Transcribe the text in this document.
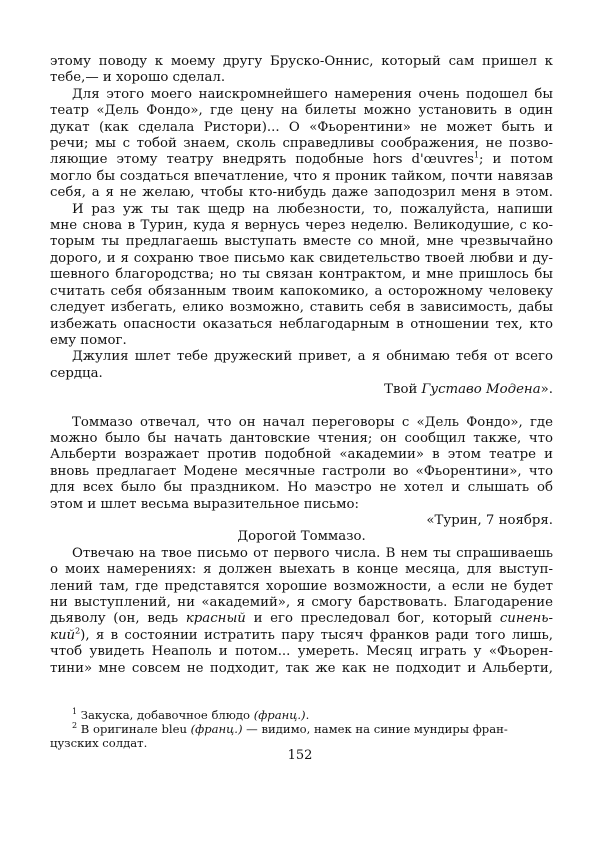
этому поводу к моему другу Бруско-Оннис, который сам пришел к
тебе,— и хорошо сделал.
Для этого моего наискромнейшего намерения очень подошел бы
театр «Дель Фондо», где цену на билеты можно установить в один
дукат (как сделала Ристори)... О «Фьорентини» не может быть и
речи; мы с тобой знаем, сколь справедливы соображения, не позво-
ляющие этому театру внедрять подобные hors d'œuvres$^1$; и потом
могло бы создаться впечатление, что я проник тайком, почти навязав
себя, а я не желаю, чтобы кто-нибудь даже заподозрил меня в этом.
И раз уж ты так щедр на любезности, то, пожалуйста, напиши
мне снова в Турин, куда я вернусь через неделю. Великодушие, с ко-
торым ты предлагаешь выступать вместе со мной, мне чрезвычайно
дорого, и я сохраню твое письмо как свидетельство твоей любви и ду-
шевного благородства; но ты связан контрактом, и мне пришлось бы
считать себя обязанным твоим капокомико, а осторожному человеку
следует избегать, елико возможно, ставить себя в зависимость, дабы
избежать опасности оказаться неблагодарным в отношении тех, кто
ему помог.
Джулия шлет тебе дружеский привет, а я обнимаю тебя от всего
сердца.
Твой Густаво Модена».
Томмазо отвечал, что он начал переговоры с «Дель Фондо», где
можно было бы начать дантовские чтения; он сообщил также, что
Альберти возражает против подобной «академии» в этом театре и
вновь предлагает Модене месячные гастроли во «Фьорентини», что
для всех было бы праздником. Но маэстро не хотел и слышать об
этом и шлет весьма выразительное письмо:
«Турин, 7 ноября.
Дорогой Томмазо.
Отвечаю на твое письмо от первого числа. В нем ты спрашиваешь
о моих намерениях: я должен выехать в конце месяца, для выступ-
лений там, где представятся хорошие возможности, а если не будет
ни выступлений, ни «академий», я смогу барствовать. Благодарение
дьяволу (он, ведь красный и его преследовал бог, который синень-
кий$^2$), я в состоянии истратить пару тысяч франков ради того лишь,
чтоб увидеть Неаполь и потом... умереть. Месяц играть у «Фьорен-
тини» мне совсем не подходит, так же как не подходит и Альберти,
$^1$ Закуска, добавочное блюдо (франц.).
$^2$ В оригинале bleu (франц.) — видимо, намек на синие мундиры фран-
цузских солдат.
152
